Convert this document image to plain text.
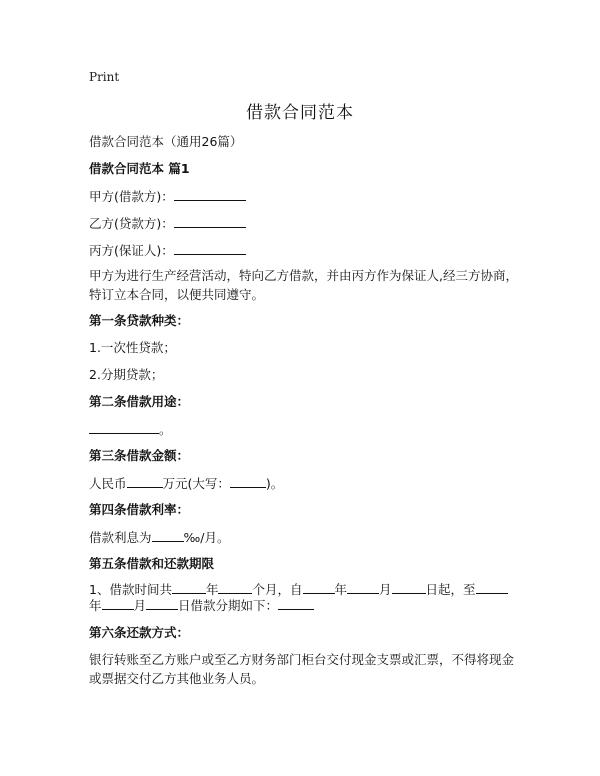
Print
借款合同范本
借款合同范本（通用26篇）
借款合同范本 篇1
甲方(借款方)：
乙方(贷款方)：
丙方(保证人)：
甲方为进行生产经营活动，特向乙方借款，并由丙方作为保证人,经三方协商，特订立本合同，以便共同遵守。
第一条贷款种类：
1.一次性贷款；
2.分期贷款；
第二条借款用途：
。
第三条借款金额：
人民币	万元(大写：	)。
第四条借款利率：
借款利息为	‰/月。
第五条借款和还款期限
1、借款时间共	年	个月，自	年	月	日起，至
年	月	日借款分期如下：
第六条还款方式：
银行转账至乙方账户或至乙方财务部门柜台交付现金支票或汇票，不得将现金或票据交付乙方其他业务人员。
